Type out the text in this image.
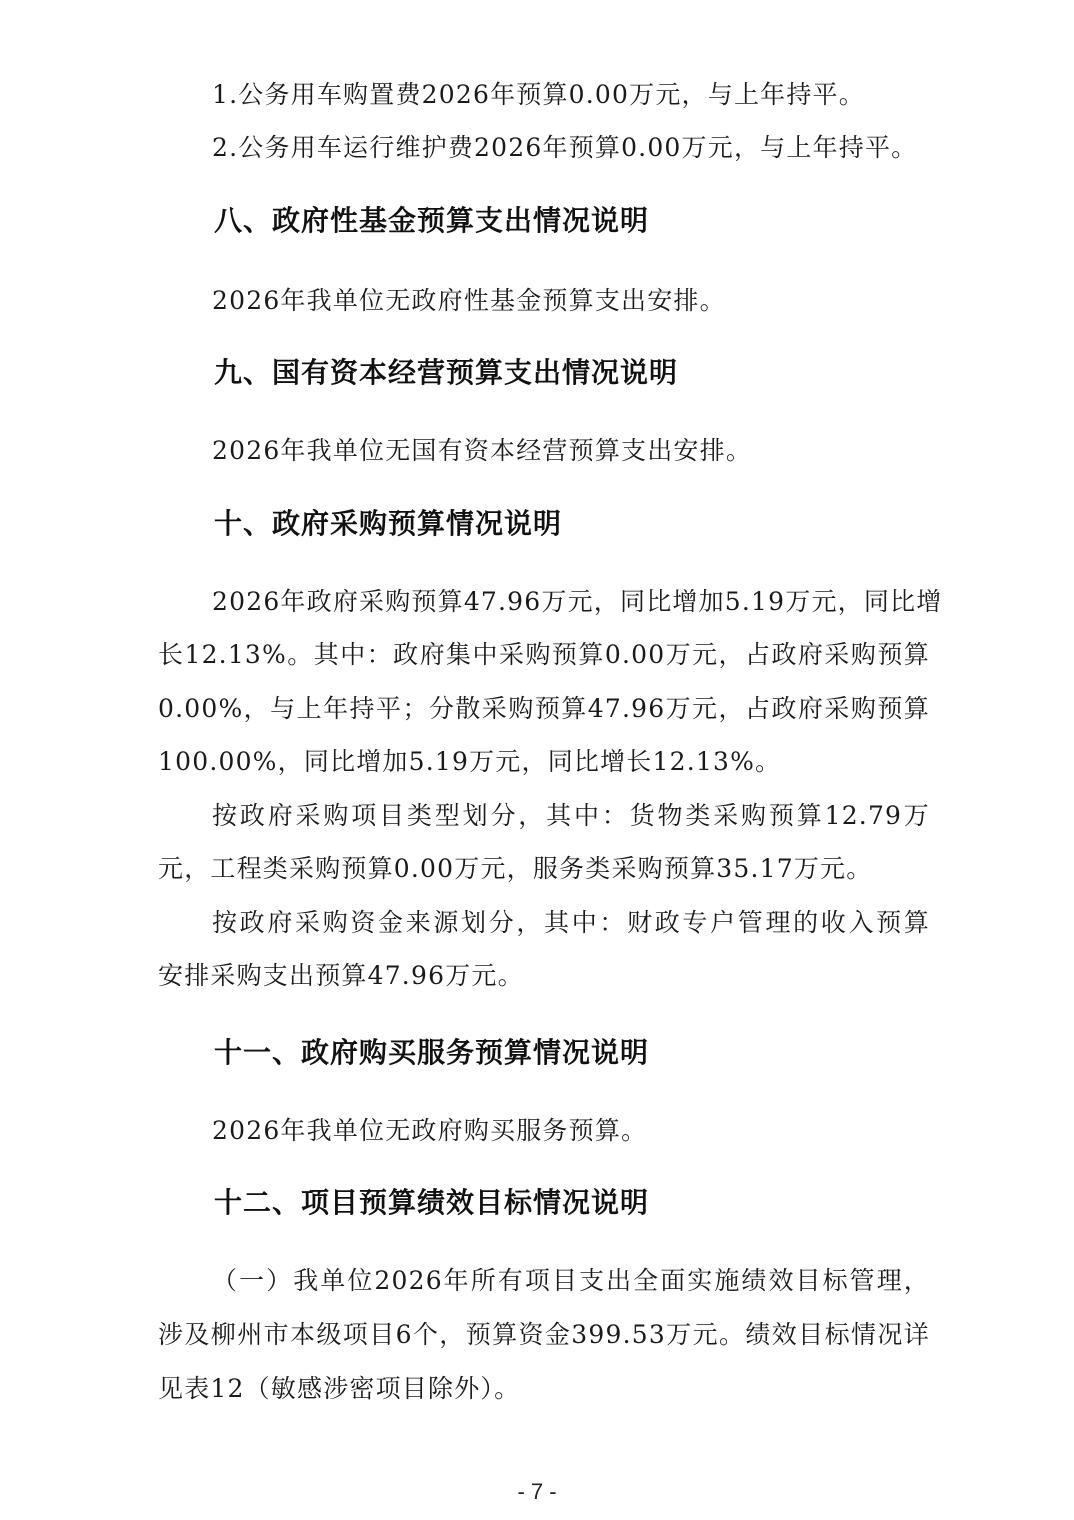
1.公务用车购置费2026年预算0.00万元，与上年持平。
2.公务用车运行维护费2026年预算0.00万元，与上年持平。
八、政府性基金预算支出情况说明
2026年我单位无政府性基金预算支出安排。
九、国有资本经营预算支出情况说明
2026年我单位无国有资本经营预算支出安排。
十、政府采购预算情况说明
2026年政府采购预算47.96万元，同比增加5.19万元，同比增
长12.13%。其中：政府集中采购预算0.00万元，占政府采购预算
0.00%，与上年持平；分散采购预算47.96万元，占政府采购预算
100.00%，同比增加5.19万元，同比增长12.13%。
按政府采购项目类型划分，其中：货物类采购预算12.79万
元，工程类采购预算0.00万元，服务类采购预算35.17万元。
按政府采购资金来源划分，其中：财政专户管理的收入预算
安排采购支出预算47.96万元。
十一、政府购买服务预算情况说明
2026年我单位无政府购买服务预算。
十二、项目预算绩效目标情况说明
（一）我单位2026年所有项目支出全面实施绩效目标管理，
涉及柳州市本级项目6个，预算资金399.53万元。绩效目标情况详
见表12（敏感涉密项目除外）。
- 7 -
